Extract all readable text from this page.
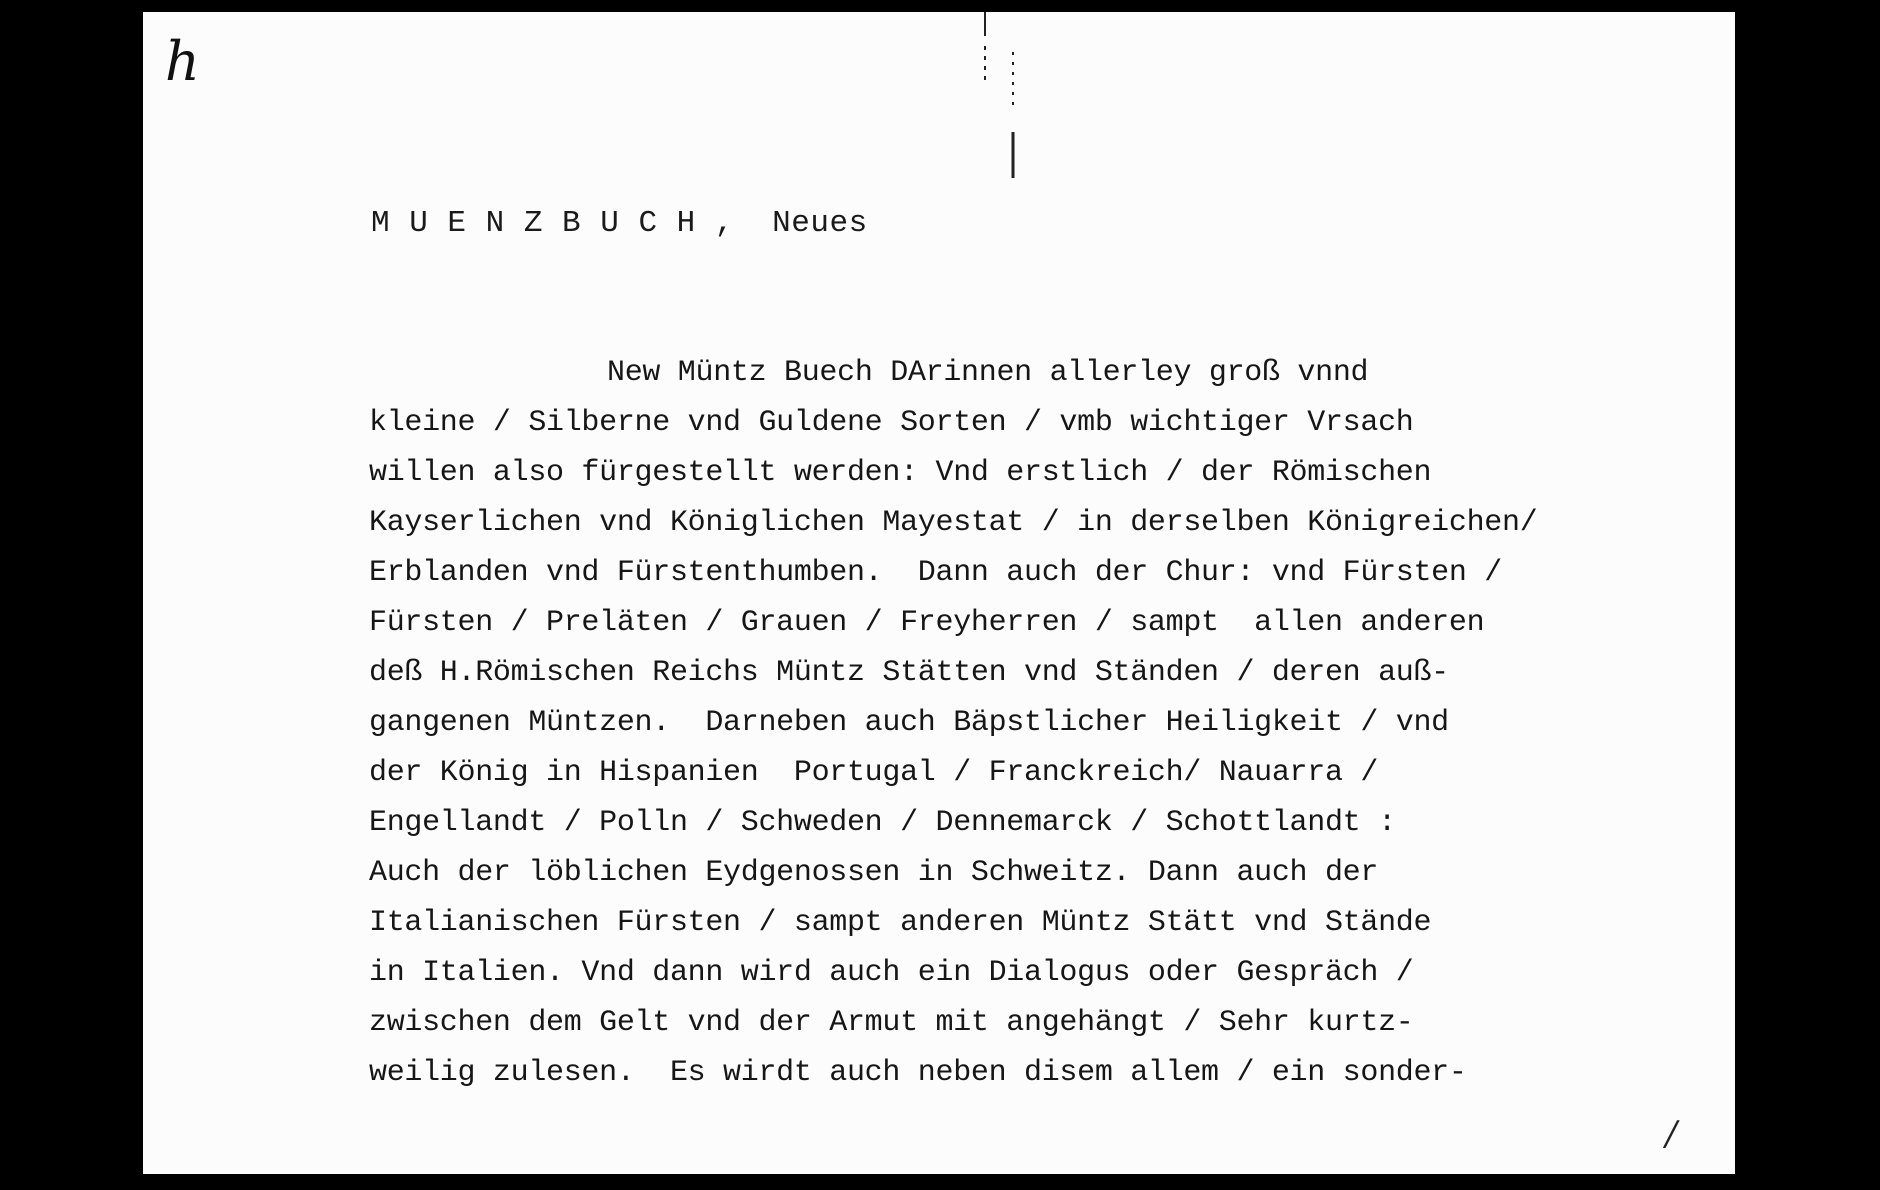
h
M U E N Z B U C H ,  Neues
New Müntz Buech DArinnen allerley groß vnnd
kleine / Silberne vnd Guldene Sorten / vmb wichtiger Vrsach
willen also fürgestellt werden: Vnd erstlich / der Römischen
Kayserlichen vnd Königlichen Mayestat / in derselben Königreichen/
Erblanden vnd Fürstenthumben.  Dann auch der Chur: vnd Fürsten /
Fürsten / Preläten / Grauen / Freyherren / sampt  allen anderen
deß H.Römischen Reichs Müntz Stätten vnd Ständen / deren auß-
gangenen Müntzen.  Darneben auch Bäpstlicher Heiligkeit / vnd
der König in Hispanien  Portugal / Franckreich/ Nauarra /
Engellandt / Polln / Schweden / Dennemarck / Schottlandt :
Auch der löblichen Eydgenossen in Schweitz. Dann auch der
Italianischen Fürsten / sampt anderen Müntz Stätt vnd Stände
in Italien. Vnd dann wird auch ein Dialogus oder Gespräch /
zwischen dem Gelt vnd der Armut mit angehängt / Sehr kurtz-
weilig zulesen.  Es wirdt auch neben disem allem / ein sonder-
/
